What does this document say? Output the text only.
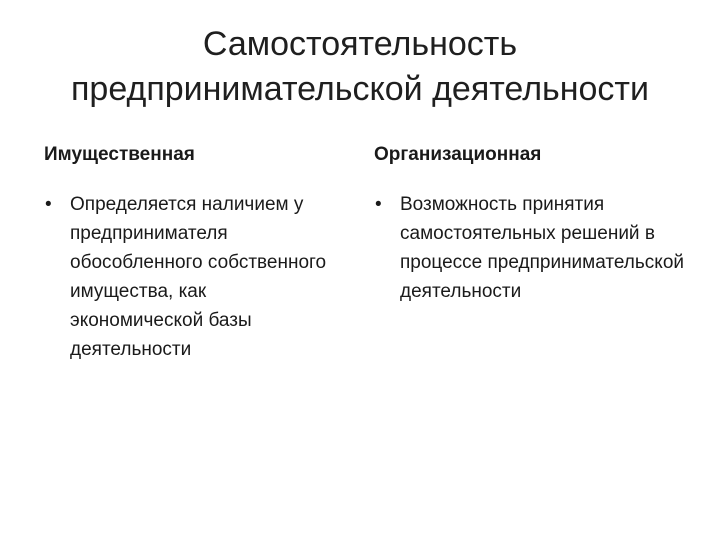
Самостоятельность
предпринимательской деятельности
Имущественная
• Определяется наличием у предпринимателя обособленного собственного имущества, как экономической базы деятельности
Организационная
• Возможность принятия самостоятельных решений в процессе предпринимательской деятельности
